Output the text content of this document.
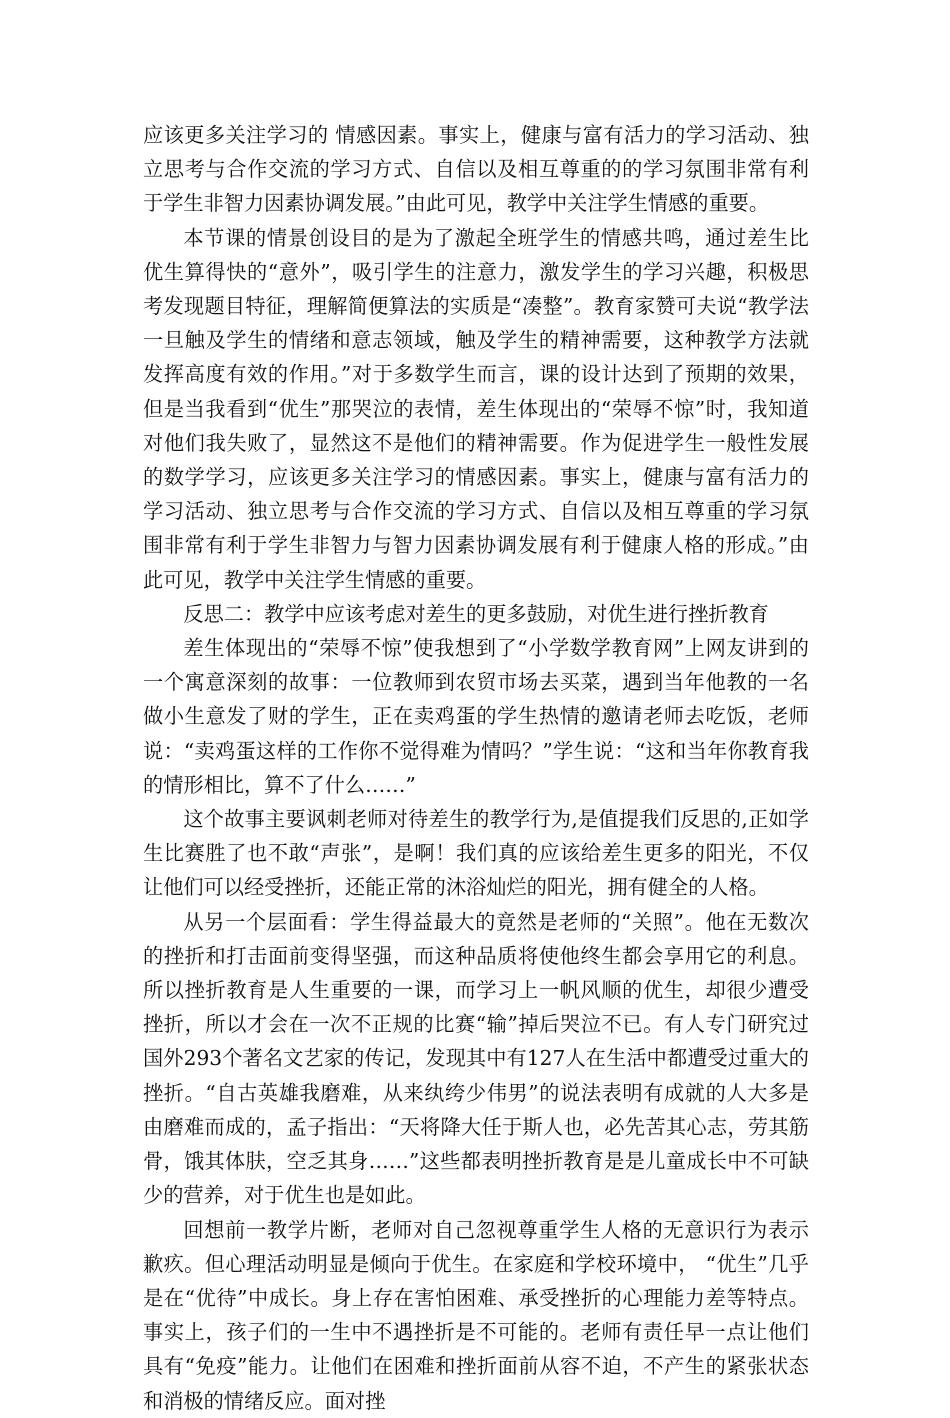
应该更多关注学习的 情感因素。事实上，健康与富有活力的学习活动、独立思考与合作交流的学习方式、自信以及相互尊重的的学习氛围非常有利于学生非智力因素协调发展。”由此可见，教学中关注学生情感的重要。

本节课的情景创设目的是为了激起全班学生的情感共鸣，通过差生比优生算得快的“意外”，吸引学生的注意力，激发学生的学习兴趣，积极思考发现题目特征，理解简便算法的实质是“凑整”。教育家赞可夫说“教学法一旦触及学生的情绪和意志领域，触及学生的精神需要，这种教学方法就发挥高度有效的作用。”对于多数学生而言，课的设计达到了预期的效果，但是当我看到“优生”那哭泣的表情，差生体现出的“荣辱不惊”时，我知道对他们我失败了，显然这不是他们的精神需要。作为促进学生一般性发展的数学学习，应该更多关注学习的情感因素。事实上，健康与富有活力的学习活动、独立思考与合作交流的学习方式、自信以及相互尊重的学习氛围非常有利于学生非智力与智力因素协调发展有利于健康人格的形成。”由此可见，教学中关注学生情感的重要。

反思二：教学中应该考虑对差生的更多鼓励，对优生进行挫折教育

差生体现出的“荣辱不惊”使我想到了“小学数学教育网”上网友讲到的一个寓意深刻的故事：一位教师到农贸市场去买菜，遇到当年他教的一名做小生意发了财的学生，正在卖鸡蛋的学生热情的邀请老师去吃饭，老师说：“卖鸡蛋这样的工作你不觉得难为情吗？”学生说：“这和当年你教育我的情形相比，算不了什么……”

这个故事主要讽刺老师对待差生的教学行为,是值提我们反思的,正如学生比赛胜了也不敢“声张”，是啊！我们真的应该给差生更多的阳光，不仅让他们可以经受挫折，还能正常的沐浴灿烂的阳光，拥有健全的人格。

从另一个层面看：学生得益最大的竟然是老师的“关照”。他在无数次的挫折和打击面前变得坚强，而这种品质将使他终生都会享用它的利息。所以挫折教育是人生重要的一课，而学习上一帆风顺的优生，却很少遭受挫折，所以才会在一次不正规的比赛“输”掉后哭泣不已。有人专门研究过国外293个著名文艺家的传记，发现其中有127人在生活中都遭受过重大的挫折。“自古英雄我磨难，从来纨绔少伟男”的说法表明有成就的人大多是由磨难而成的，孟子指出：“天将降大任于斯人也，必先苦其心志，劳其筋骨，饿其体肤，空乏其身……”这些都表明挫折教育是是儿童成长中不可缺少的营养，对于优生也是如此。

回想前一教学片断，老师对自己忽视尊重学生人格的无意识行为表示歉疚。但心理活动明显是倾向于优生。在家庭和学校环境中， “优生”几乎是在“优待”中成长。身上存在害怕困难、承受挫折的心理能力差等特点。事实上，孩子们的一生中不遇挫折是不可能的。老师有责任早一点让他们具有“免疫”能力。让他们在困难和挫折面前从容不迫，不产生的紧张状态和消极的情绪反应。面对挫
